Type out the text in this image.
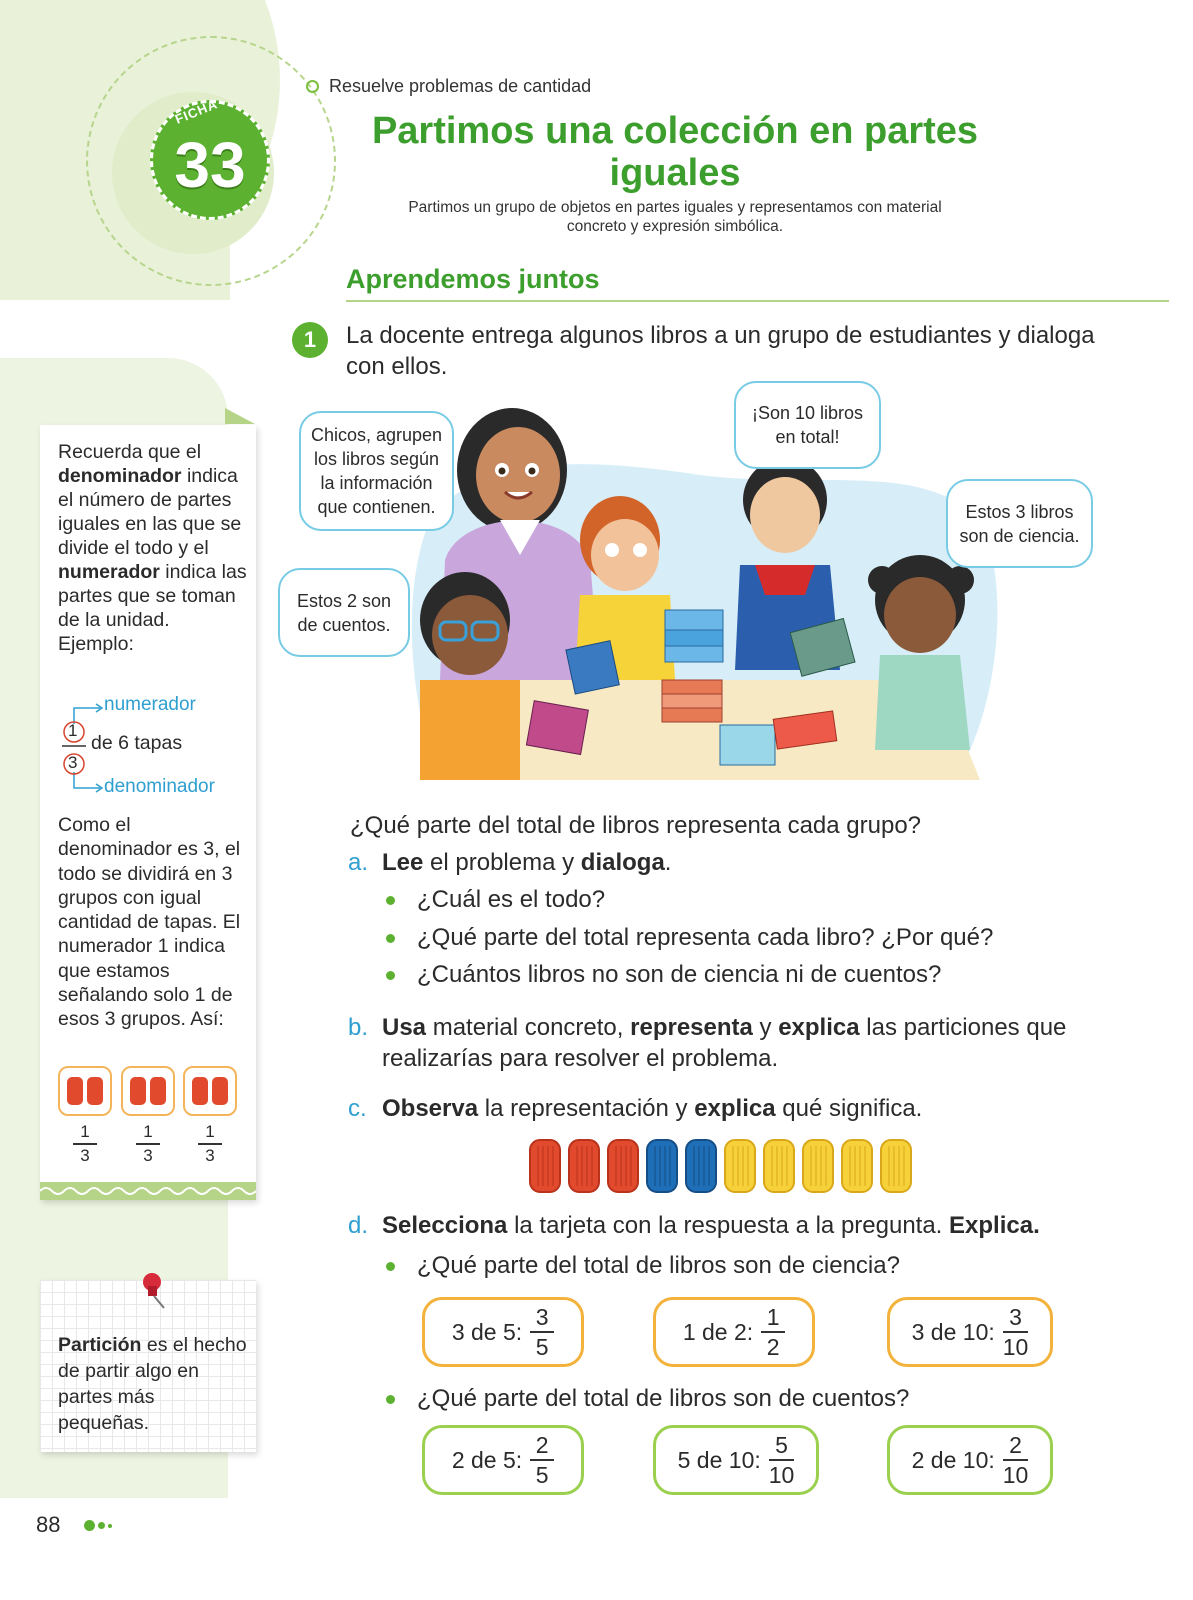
33
FICHA
Resuelve problemas de cantidad
Partimos una colección en partes iguales
Partimos un grupo de objetos en partes iguales y representamos con material concreto y expresión simbólica.
Aprendemos juntos
1	La docente entrega algunos libros a un grupo de estudiantes y dialoga con ellos.
Chicos, agrupen los libros según la información que contienen.
¡Son 10 libros en total!
Estos 3 libros son de ciencia.
Estos 2 son de cuentos.
Recuerda que el denominador indica el número de partes iguales en las que se divide el todo y el numerador indica las partes que se toman de la unidad. Ejemplo:
numerador
1
3
de 6 tapas
denominador
Como el denominador es 3, el todo se dividirá en 3 grupos con igual cantidad de tapas. El numerador 1 indica que estamos señalando solo 1 de esos 3 grupos. Así:
1
3
1
3
1
3
Partición es el hecho de partir algo en partes más pequeñas.
¿Qué parte del total de libros representa cada grupo?
a. Lee el problema y dialoga.
¿Cuál es el todo?
¿Qué parte del total representa cada libro? ¿Por qué?
¿Cuántos libros no son de ciencia ni de cuentos?
b. Usa material concreto, representa y explica las particiones que realizarías para resolver el problema.
c. Observa la representación y explica qué significa.
d. Selecciona la tarjeta con la respuesta a la pregunta. Explica.
¿Qué parte del total de libros son de ciencia?
3 de 5: $\frac{3}{5}$	1 de 2: $\frac{1}{2}$	3 de 10: $\frac{3}{10}$
¿Qué parte del total de libros son de cuentos?
2 de 5: $\frac{2}{5}$	5 de 10: $\frac{5}{10}$	2 de 10: $\frac{2}{10}$
88
